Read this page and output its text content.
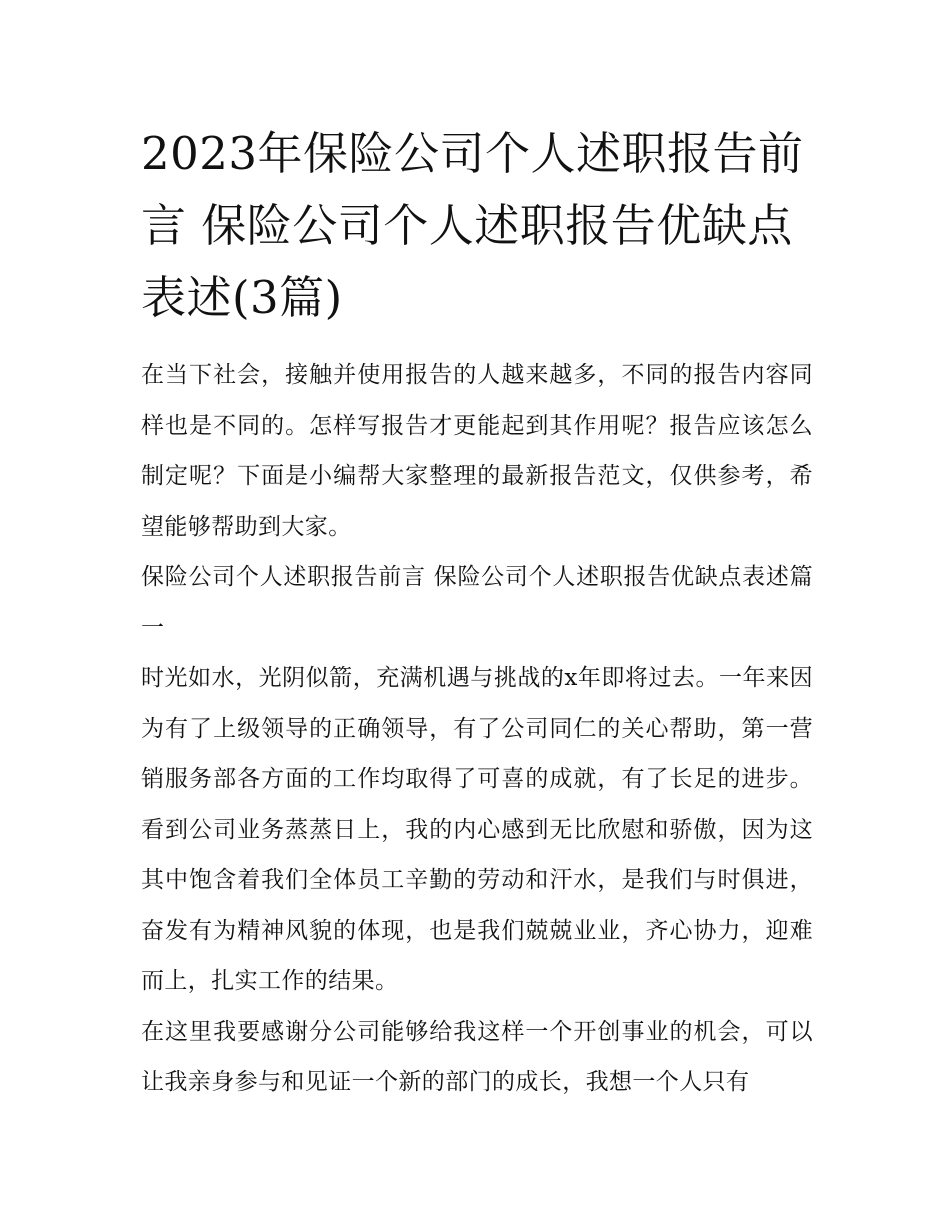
2023年保险公司个人述职报告前言 保险公司个人述职报告优缺点表述(3篇)

在当下社会，接触并使用报告的人越来越多，不同的报告内容同样也是不同的。怎样写报告才更能起到其作用呢？报告应该怎么制定呢？下面是小编帮大家整理的最新报告范文，仅供参考，希望能够帮助到大家。

保险公司个人述职报告前言 保险公司个人述职报告优缺点表述篇一

时光如水，光阴似箭，充满机遇与挑战的x年即将过去。一年来因为有了上级领导的正确领导，有了公司同仁的关心帮助，第一营销服务部各方面的工作均取得了可喜的成就，有了长足的进步。看到公司业务蒸蒸日上，我的内心感到无比欣慰和骄傲，因为这其中饱含着我们全体员工辛勤的劳动和汗水，是我们与时俱进，奋发有为精神风貌的体现，也是我们兢兢业业，齐心协力，迎难而上，扎实工作的结果。

在这里我要感谢分公司能够给我这样一个开创事业的机会，可以让我亲身参与和见证一个新的部门的成长，我想一个人只有
